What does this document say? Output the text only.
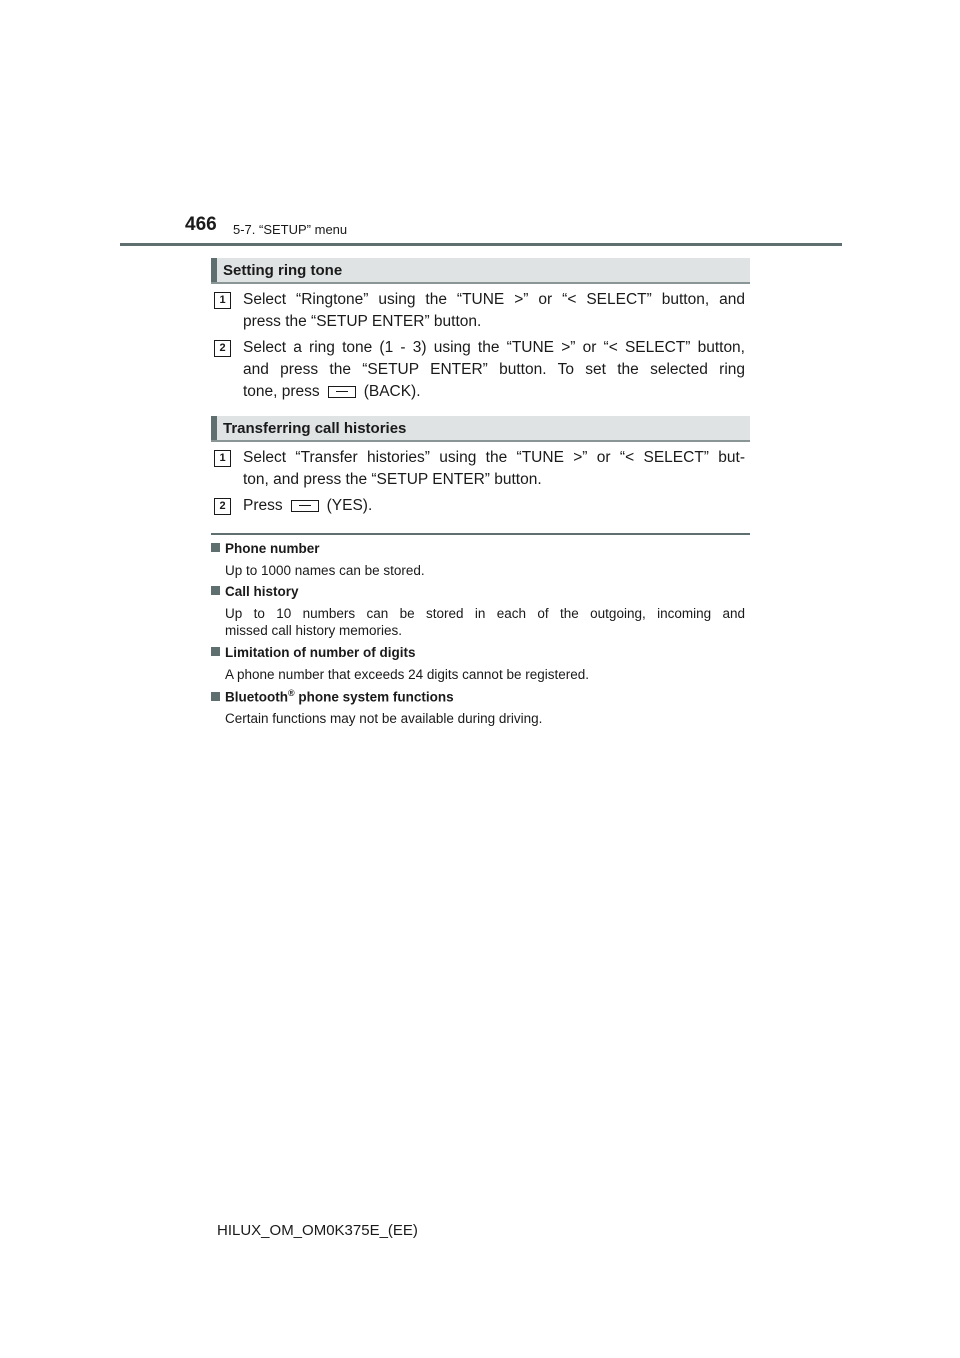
466 5-7. “SETUP” menu
Setting ring tone
1	Select “Ringtone” using the “TUNE >” or “< SELECT” button, and
press the “SETUP ENTER” button.
2	Select a ring tone (1 - 3) using the “TUNE >” or “< SELECT” button,
and press the “SETUP ENTER” button. To set the selected ring
tone, press	(BACK).
Transferring call histories
1	Select “Transfer histories” using the “TUNE >” or “< SELECT” but-
ton, and press the “SETUP ENTER” button.
2	Press	(YES).
Phone number
Up to 1000 names can be stored.
Call history
Up to 10 numbers can be stored in each of the outgoing, incoming and
missed call history memories.
Limitation of number of digits
A phone number that exceeds 24 digits cannot be registered.
Bluetooth® phone system functions
Certain functions may not be available during driving.
HILUX_OM_OM0K375E_(EE)
